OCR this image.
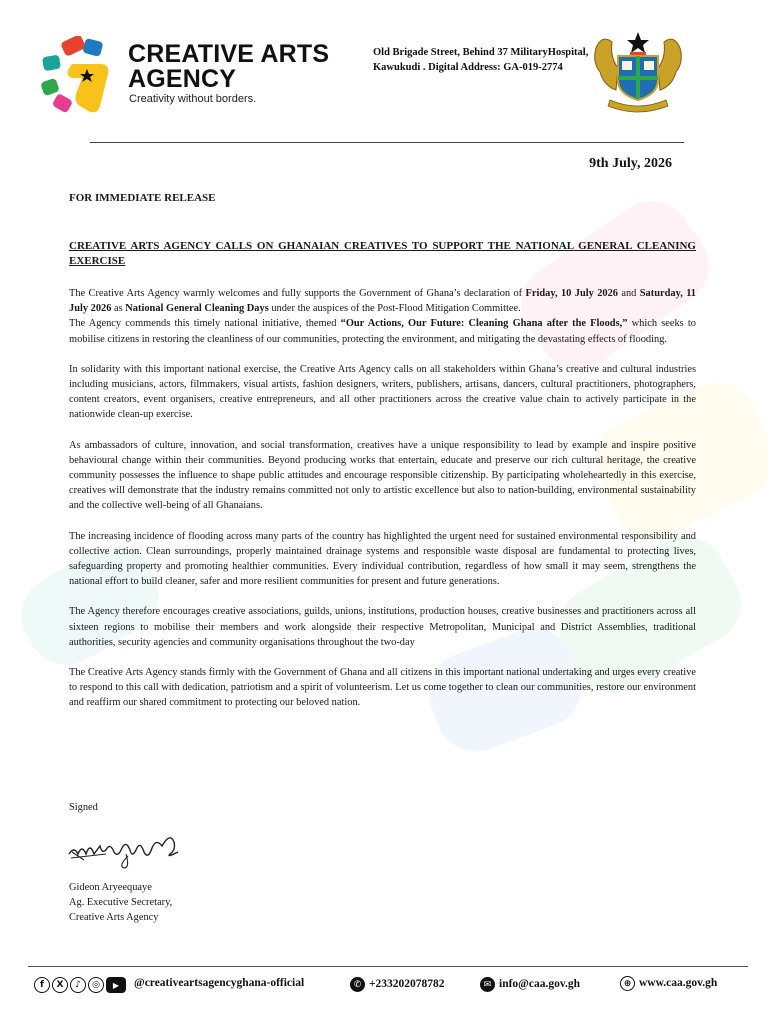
CREATIVE ARTS
AGENCY
Creativity without borders.
Old Brigade Street, Behind 37 MilitaryHospital, Kawukudi . Digital Address: GA-019-2774
9th July, 2026
FOR IMMEDIATE RELEASE
CREATIVE ARTS AGENCY CALLS ON GHANAIAN CREATIVES TO SUPPORT THE NATIONAL GENERAL CLEANING EXERCISE

The Creative Arts Agency warmly welcomes and fully supports the Government of Ghana’s declaration of Friday, 10 July 2026 and Saturday, 11 July 2026 as National General Cleaning Days under the auspices of the Post-Flood Mitigation Committee.

The Agency commends this timely national initiative, themed “Our Actions, Our Future: Cleaning Ghana after the Floods,” which seeks to mobilise citizens in restoring the cleanliness of our communities, protecting the environment, and mitigating the devastating effects of flooding.

In solidarity with this important national exercise, the Creative Arts Agency calls on all stakeholders within Ghana’s creative and cultural industries including musicians, actors, filmmakers, visual artists, fashion designers, writers, publishers, artisans, dancers, cultural practitioners, photographers, content creators, event organisers, creative entrepreneurs, and all other practitioners across the creative value chain to actively participate in the nationwide clean-up exercise.

As ambassadors of culture, innovation, and social transformation, creatives have a unique responsibility to lead by example and inspire positive behavioural change within their communities. Beyond producing works that entertain, educate and preserve our rich cultural heritage, the creative community possesses the influence to shape public attitudes and encourage responsible citizenship. By participating wholeheartedly in this exercise, creatives will demonstrate that the industry remains committed not only to artistic excellence but also to nation-building, environmental sustainability and the collective well-being of all Ghanaians.

The increasing incidence of flooding across many parts of the country has highlighted the urgent need for sustained environmental responsibility and collective action. Clean surroundings, properly maintained drainage systems and responsible waste disposal are fundamental to protecting lives, safeguarding property and promoting healthier communities. Every individual contribution, regardless of how small it may seem, strengthens the national effort to build cleaner, safer and more resilient communities for present and future generations.

The Agency therefore encourages creative associations, guilds, unions, institutions, production houses, creative businesses and practitioners across all sixteen regions to mobilise their members and work alongside their respective Metropolitan, Municipal and District Assemblies, traditional authorities, security agencies and community organisations throughout the two-day

The Creative Arts Agency stands firmly with the Government of Ghana and all citizens in this important national undertaking and urges every creative to respond to this call with dedication, patriotism and a spirit of volunteerism. Let us come together to clean our communities, restore our environment and reaffirm our shared commitment to protecting our beloved nation.

Signed
Gideon Aryeequaye
Ag. Executive Secretary,
Creative Arts Agency
f	X	♪	◎	▶	@creativeartsagencyghana-official	✆ +233202078782	✉ info@caa.gov.gh	⊕ www.caa.gov.gh
